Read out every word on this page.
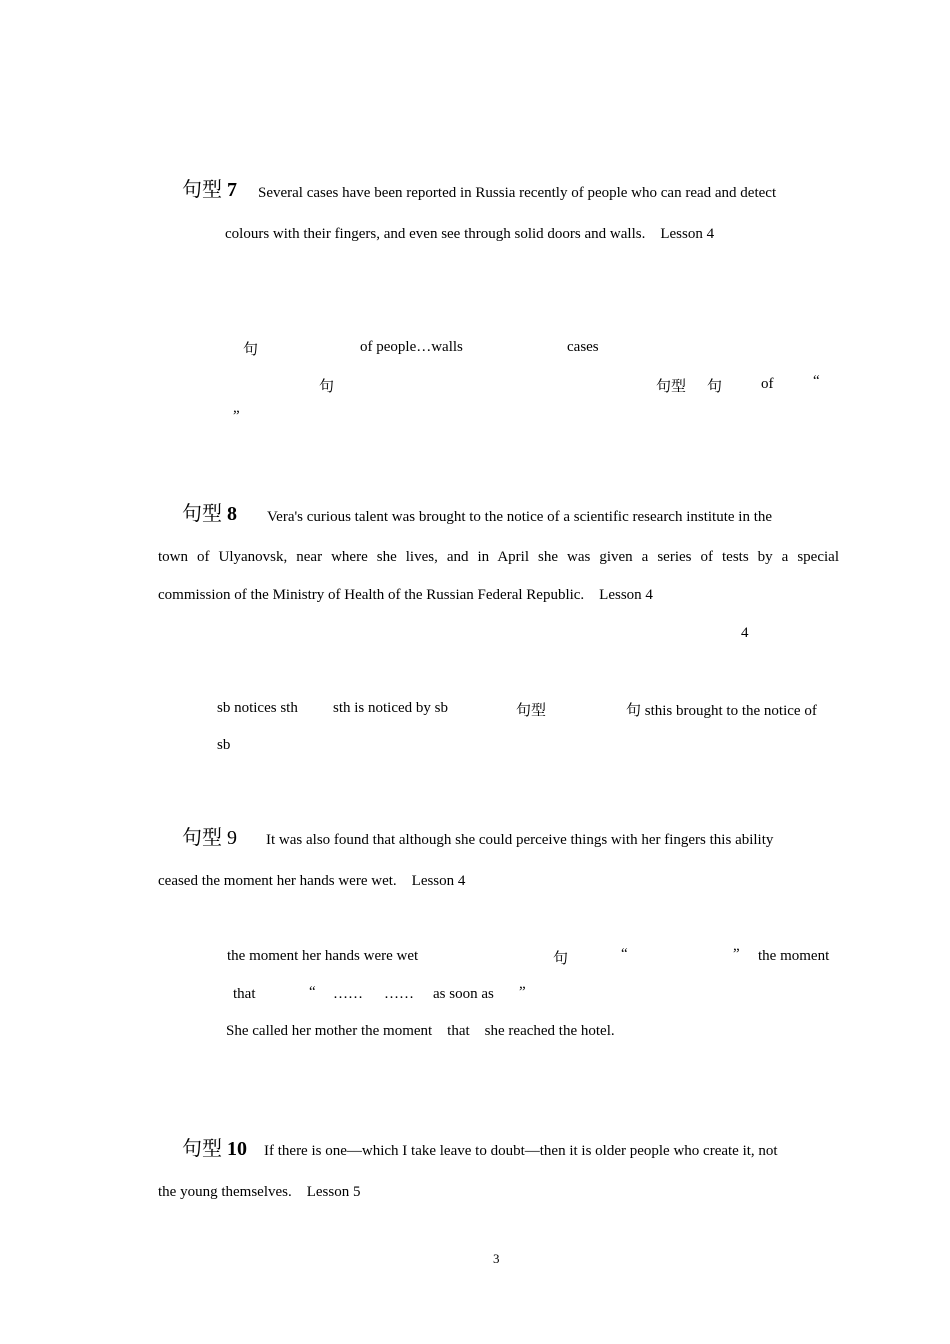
句型 7 Several cases have been reported in Russia recently of people who can read and detect
colours with their fingers, and even see through solid doors and walls.    Lesson 4
句	of people…walls	cases
句	句型 句	of	“
”
句型 8 Vera's curious talent was brought to the notice of a scientific research institute in the
town of Ulyanovsk, near where she lives, and in April she was given a series of tests by a special
commission of the Ministry of Health of the Russian Federal Republic.    Lesson 4
4
sb notices sth sth is noticed by sb	句型	句 sthis brought to the notice of
sb
句型 9 It was also found that although she could perceive things with her fingers this ability
ceased the moment her hands were wet.    Lesson 4
the moment her hands were wet	句	“	” the moment
that	“ …… …… as soon as ”
She called her mother the moment    that    she reached the hotel.
句型 10 If there is one—which I take leave to doubt—then it is older people who create it, not
the young themselves.    Lesson 5
3
